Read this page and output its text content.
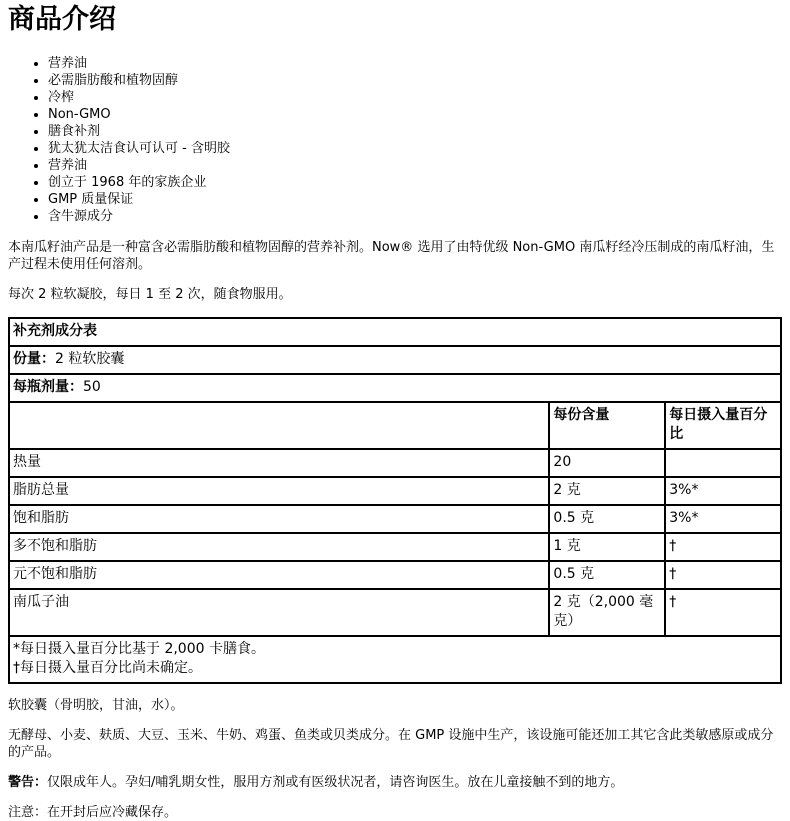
商品介绍
• 营养油
• 必需脂肪酸和植物固醇
• 冷榨
• Non-GMO
• 膳食补剂
• 犹太犹太洁食认可认可 - 含明胶
• 营养油
• 创立于 1968 年的家族企业
• GMP 质量保证
• 含牛源成分

本南瓜籽油产品是一种富含必需脂肪酸和植物固醇的营养补剂。Now® 选用了由特优级 Non-GMO 南瓜籽经冷压制成的南瓜籽油，生产过程未使用任何溶剂。

每次 2 粒软凝胶，每日 1 至 2 次，随食物服用。

补充剂成分表		
份量：2 粒软胶囊		
每瓶剂量：50		
	每份含量	每日摄入量百分比
热量	20	
脂肪总量	2 克	3%*
饱和脂肪	0.5 克	3%*
多不饱和脂肪	1 克	†
元不饱和脂肪	0.5 克	†
南瓜子油	2 克（2,000 毫克）	†

*每日摄入量百分比基于 2,000 卡膳食。
†每日摄入量百分比尚未确定。		

软胶囊（骨明胶，甘油，水）。

无酵母、小麦、麸质、大豆、玉米、牛奶、鸡蛋、鱼类或贝类成分。在 GMP 设施中生产，该设施可能还加工其它含此类敏感原或成分的产品。

警告：仅限成年人。孕妇/哺乳期女性，服用方剂或有医级状况者，请咨询医生。放在儿童接触不到的地方。

注意：在开封后应冷藏保存。
